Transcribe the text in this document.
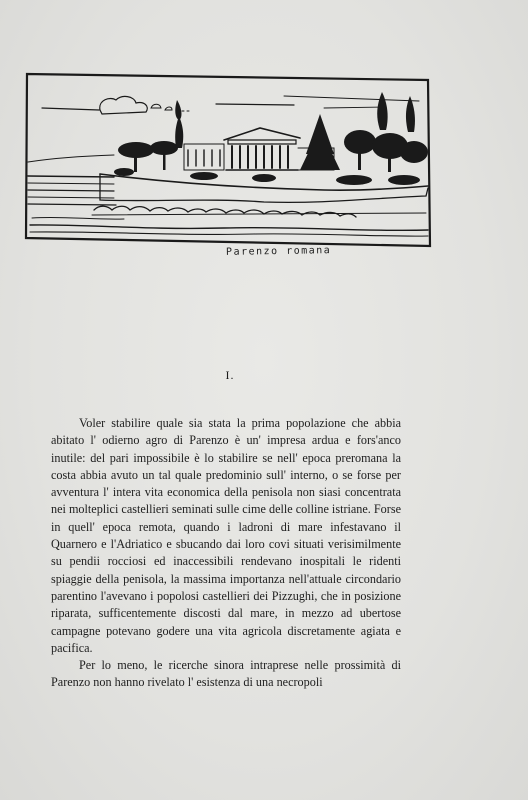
Parenzo romana
I.

Voler stabilire quale sia stata la prima popolazione che abbia abitato l' odierno agro di Parenzo è un' impresa ardua e fors'anco inutile: del pari impossibile è lo stabilire se nell' epoca preromana la costa abbia avuto un tal quale predominio sull' interno, o se forse per avventura l' intera vita economica della penisola non siasi concentrata nei molteplici castellieri seminati sulle cime delle colline istriane. Forse in quell' epoca remota, quando i ladroni di mare infestavano il Quarnero e l'Adriatico e sbucando dai loro covi situati verisimilmente su pendii rocciosi ed inaccessibili rendevano inospitali le ridenti spiaggie della penisola, la massima importanza nell'attuale circondario parentino l'avevano i popolosi castellieri dei Pizzughi, che in posizione riparata, sufficentemente discosti dal mare, in mezzo ad ubertose campagne potevano godere una vita agricola discretamente agiata e pacifica.

Per lo meno, le ricerche sinora intraprese nelle prossimità di Parenzo non hanno rivelato l' esistenza di una necropoli
